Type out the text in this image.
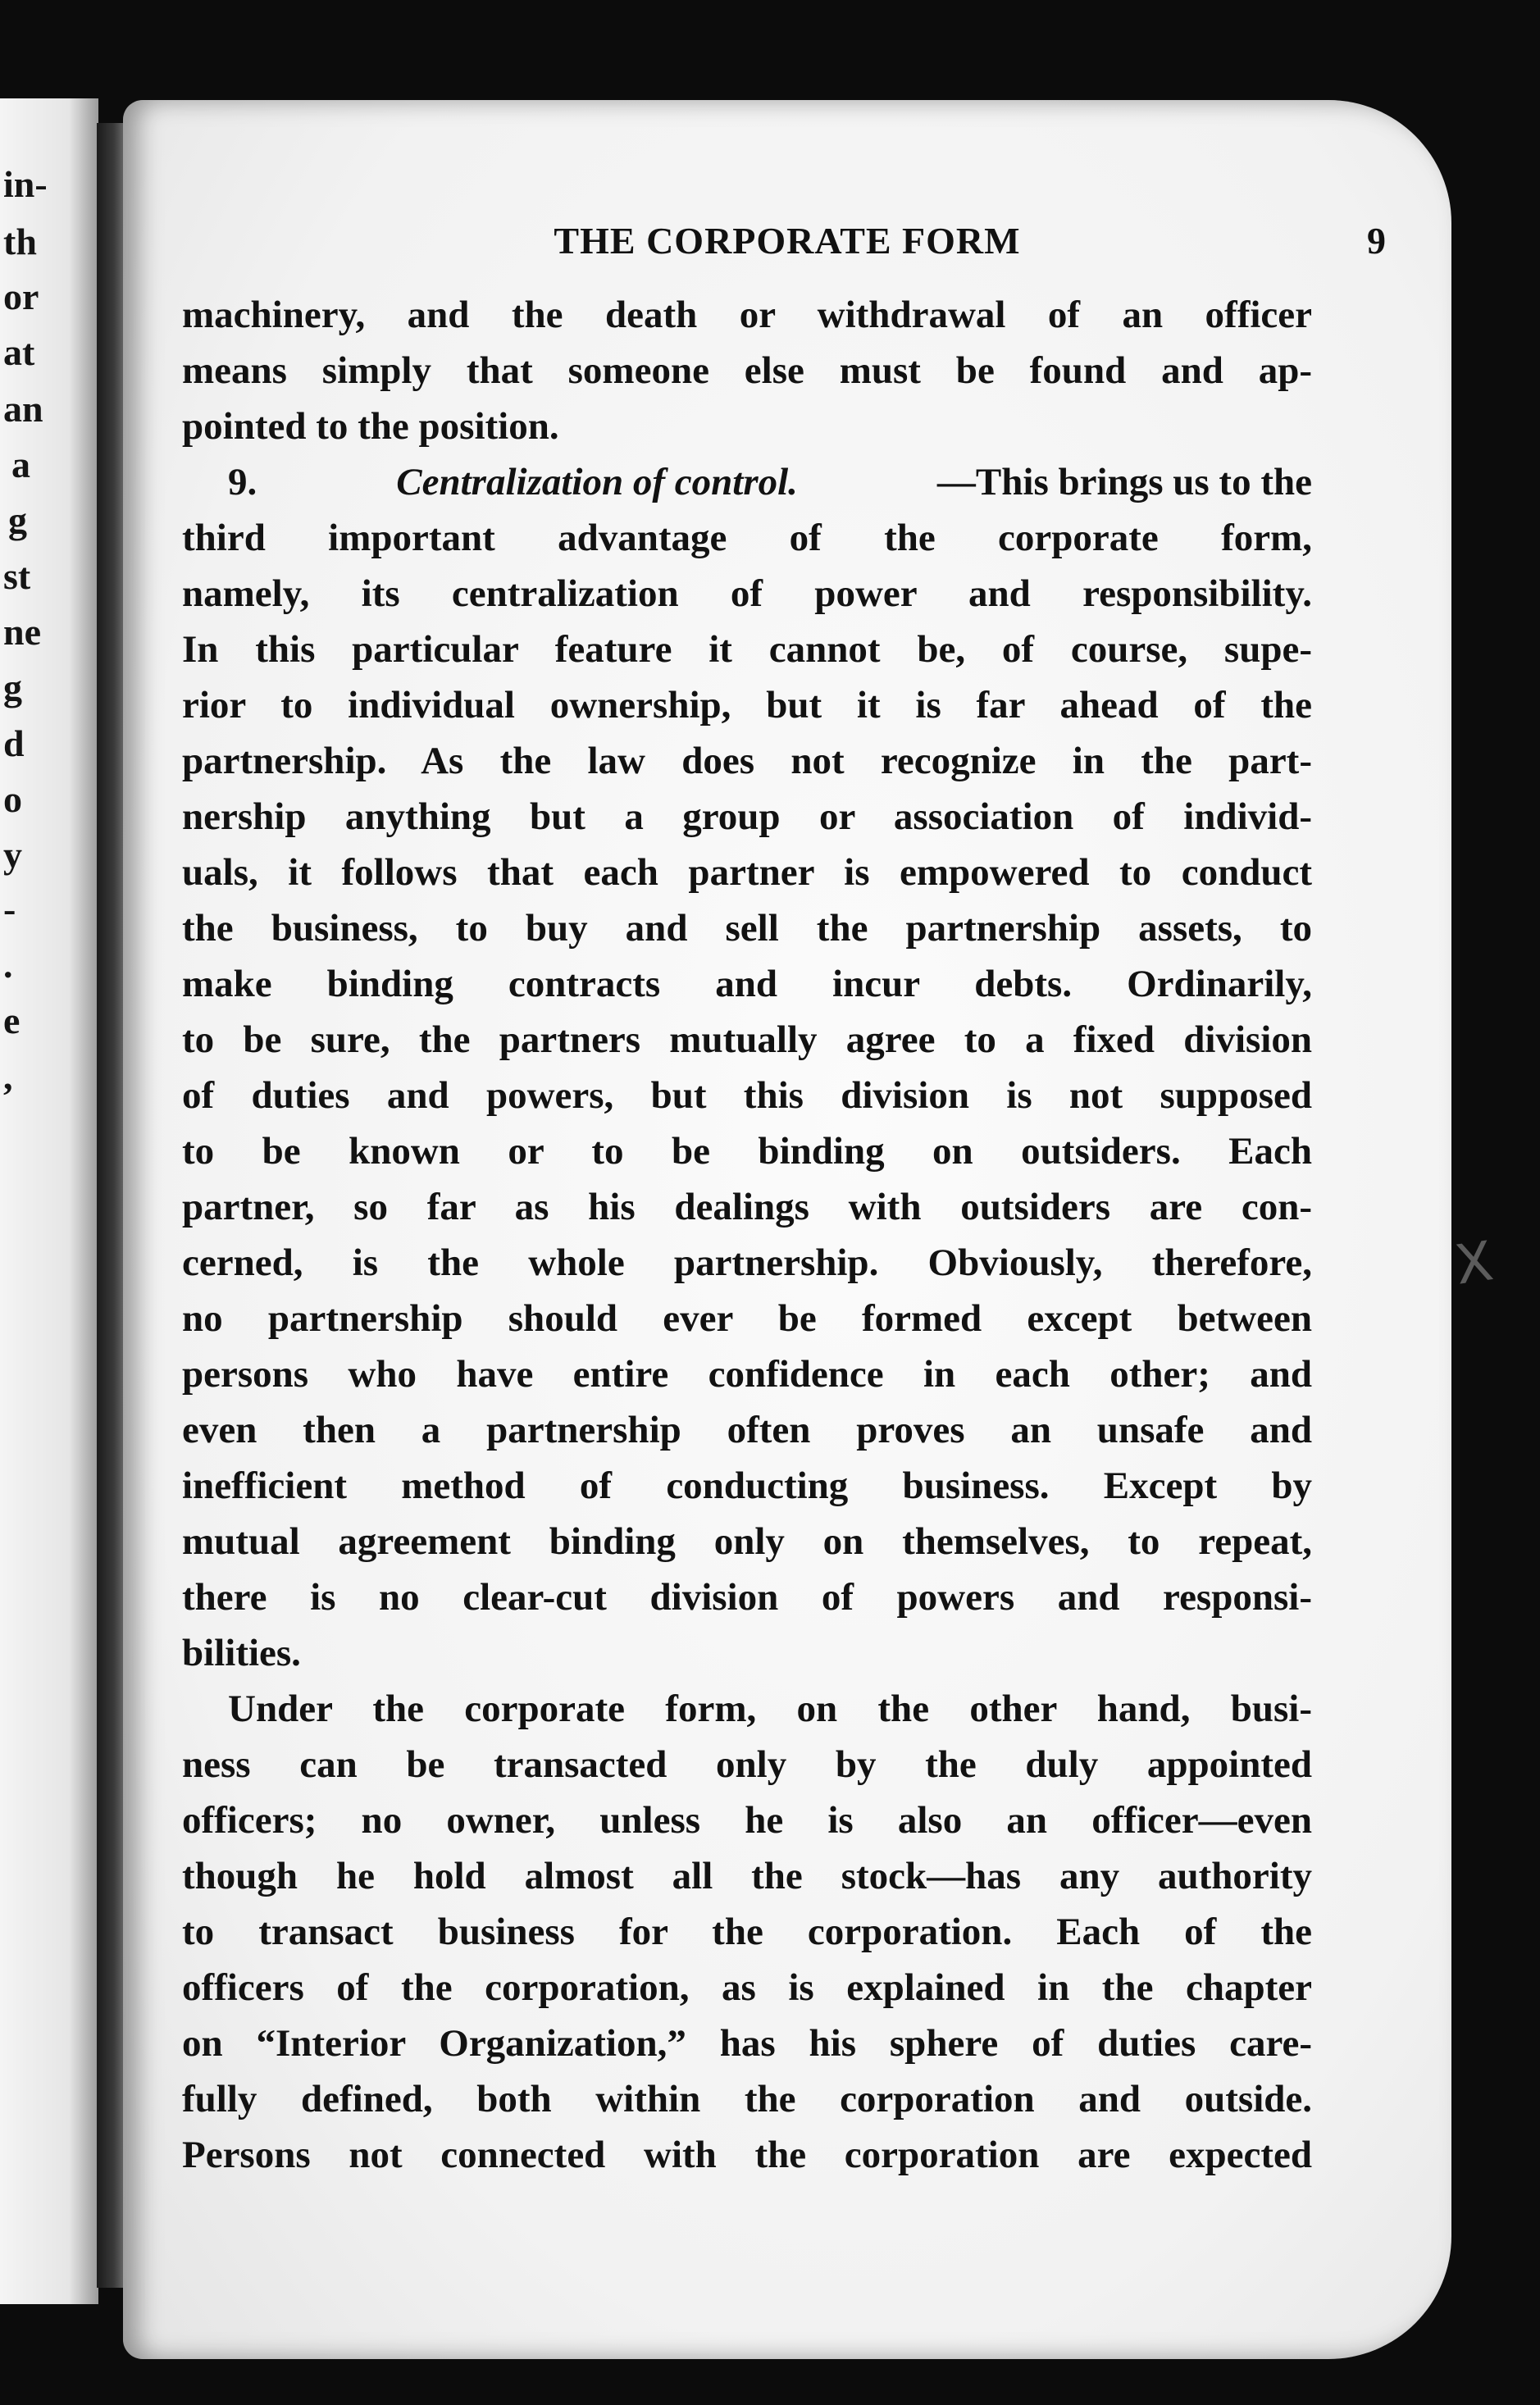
in-
th
or
at
an
a
g
st
ne
g
d
o
y
-
.
e
,
THE CORPORATE FORM	9
machinery, and the death or withdrawal of an officer
means simply that someone else must be found and ap-
pointed to the position.
9.	Centralization of control.	—This brings us to the
third important advantage of the corporate form,
namely, its centralization of power and responsibility.
In this particular feature it cannot be, of course, supe-
rior to individual ownership, but it is far ahead of the
partnership. As the law does not recognize in the part-
nership anything but a group or association of individ-
uals, it follows that each partner is empowered to conduct
the business, to buy and sell the partnership assets, to
make binding contracts and incur debts. Ordinarily,
to be sure, the partners mutually agree to a fixed division
of duties and powers, but this division is not supposed
to be known or to be binding on outsiders. Each
partner, so far as his dealings with outsiders are con-
cerned, is the whole partnership. Obviously, therefore,
no partnership should ever be formed except between
persons who have entire confidence in each other; and
even then a partnership often proves an unsafe and
inefficient method of conducting business. Except by
mutual agreement binding only on themselves, to repeat,
there is no clear-cut division of powers and responsi-
bilities.
Under the corporate form, on the other hand, busi-
ness can be transacted only by the duly appointed
officers; no owner, unless he is also an officer—even
though he hold almost all the stock—has any authority
to transact business for the corporation. Each of the
officers of the corporation, as is explained in the chapter
on “Interior Organization,” has his sphere of duties care-
fully defined, both within the corporation and outside.
Persons not connected with the corporation are expected
X
